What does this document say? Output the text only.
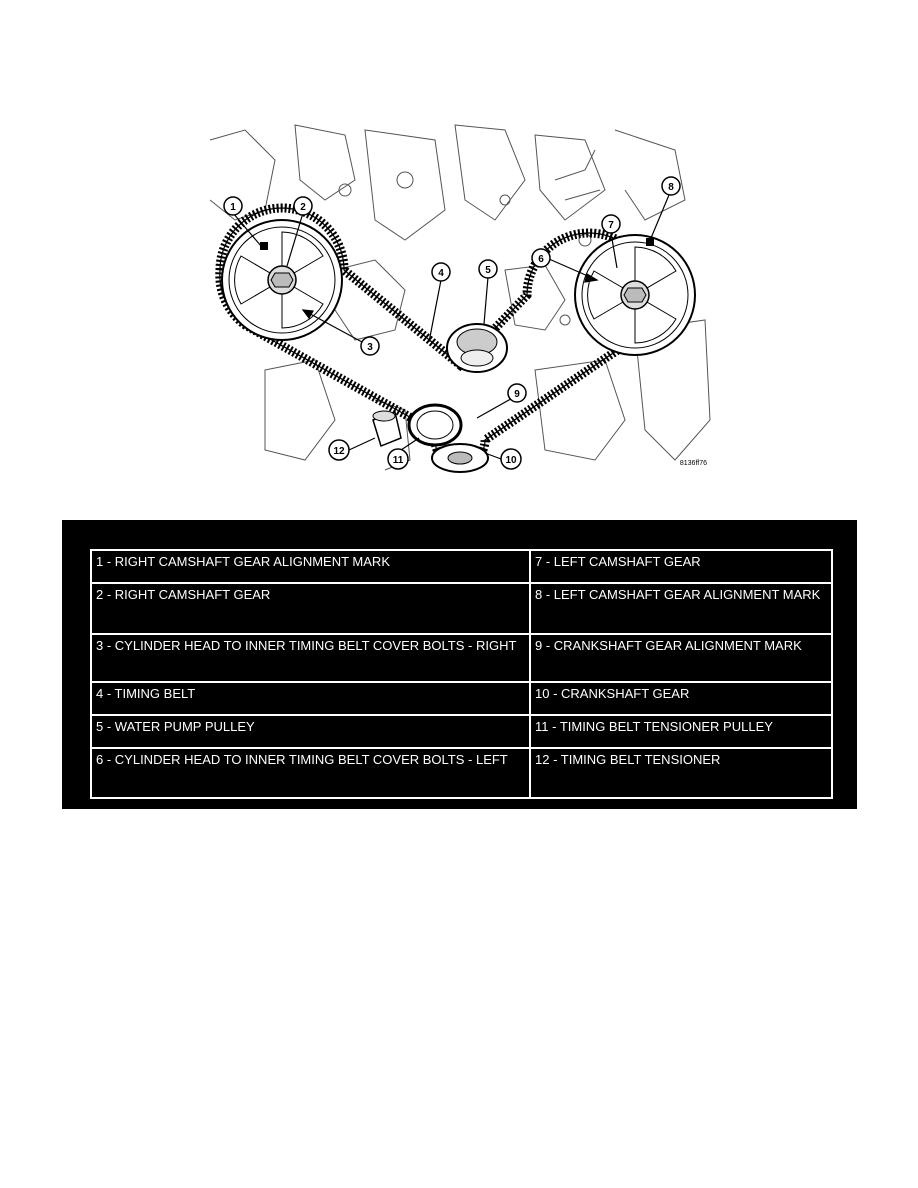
1	2
3
4	5
6
7
8
9
10
11
12
8136ff76
1 - RIGHT CAMSHAFT GEAR ALIGNMENT MARK	7 - LEFT CAMSHAFT GEAR
2 - RIGHT CAMSHAFT GEAR	8 - LEFT CAMSHAFT GEAR ALIGNMENT MARK
3 - CYLINDER HEAD TO INNER TIMING BELT COVER BOLTS - RIGHT	9 - CRANKSHAFT GEAR ALIGNMENT MARK
4 - TIMING BELT	10 - CRANKSHAFT GEAR
5 - WATER PUMP PULLEY	11 - TIMING BELT TENSIONER PULLEY
6 - CYLINDER HEAD TO INNER TIMING BELT COVER BOLTS - LEFT	12 - TIMING BELT TENSIONER
